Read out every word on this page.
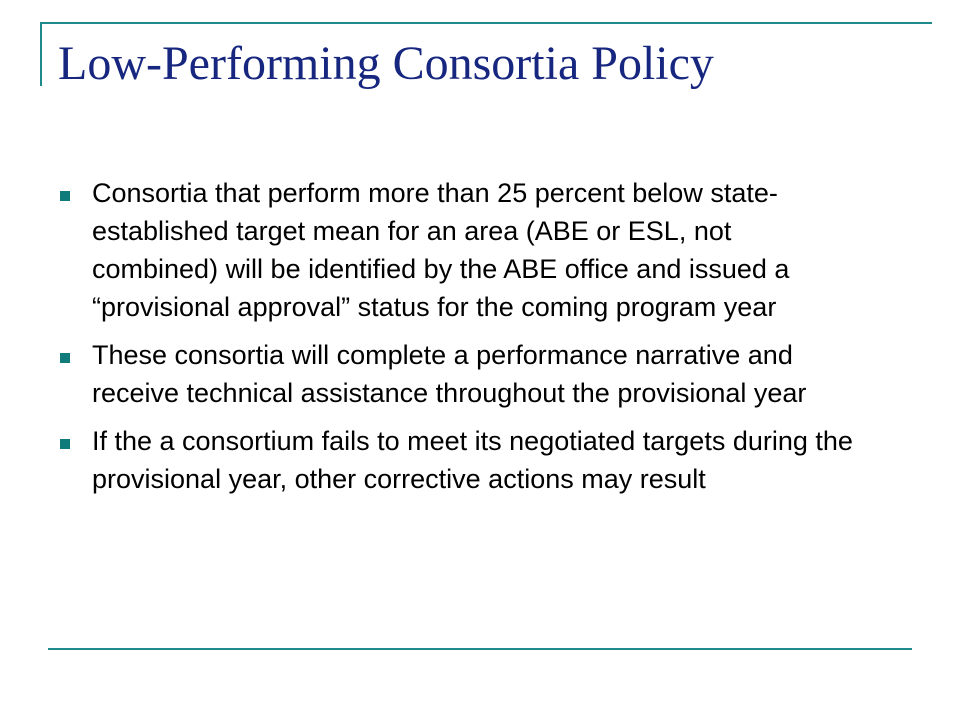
Low-Performing Consortia Policy
Consortia that perform more than 25 percent below state-established target mean for an area (ABE or ESL, not combined) will be identified by the ABE office and issued a “provisional approval” status for the coming program year
These consortia will complete a performance narrative and receive technical assistance throughout the provisional year
If the a consortium fails to meet its negotiated targets during the provisional year, other corrective actions may result
